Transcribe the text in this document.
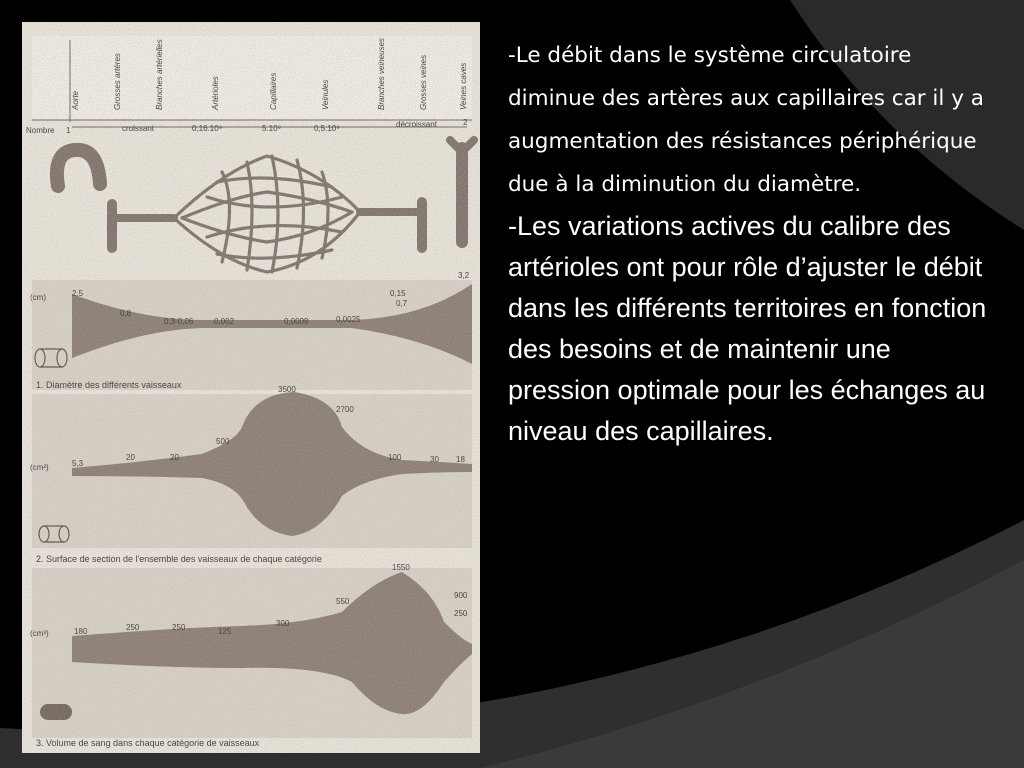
-Le débit dans le système circulatoire diminue des artères aux capillaires car il y a augmentation des résistances périphérique due à la diminution du diamètre.

-Les variations actives du calibre des artérioles ont pour rôle d’ajuster le débit dans les différents territoires en fonction des besoins et de maintenir une pression optimale pour les échanges au niveau des capillaires.
